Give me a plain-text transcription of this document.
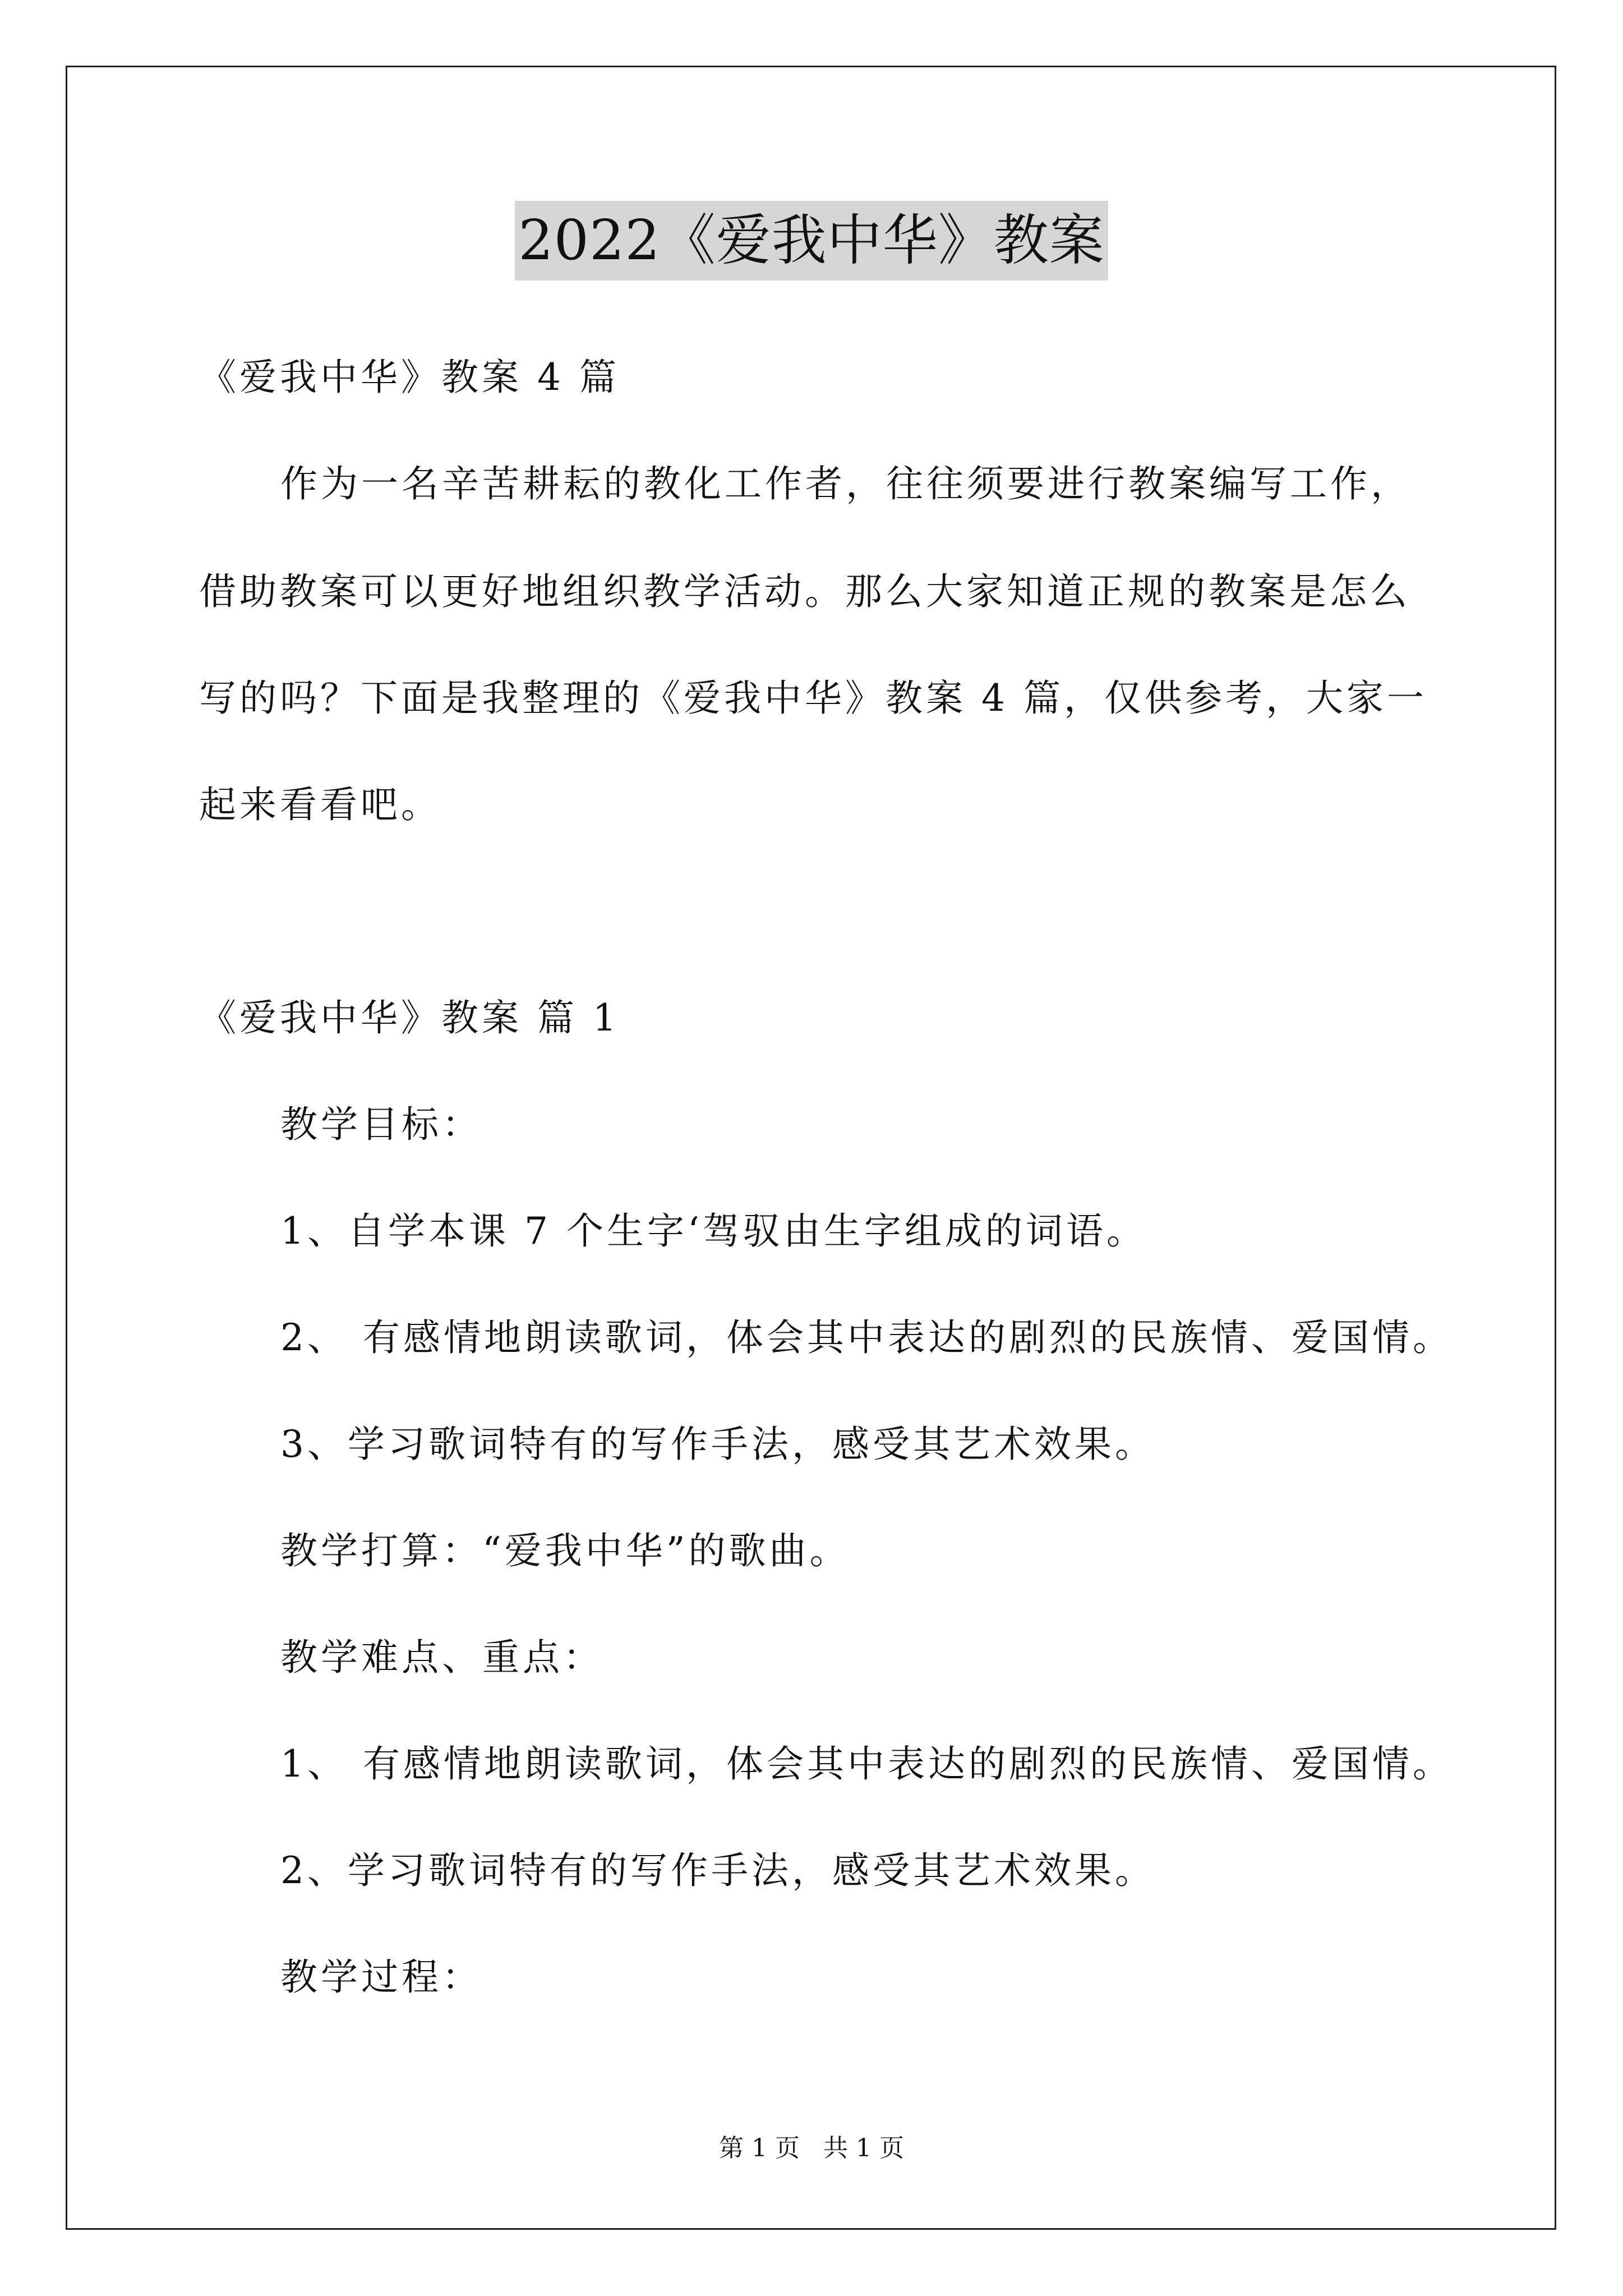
2022《爱我中华》教案
《爱我中华》教案 4 篇
作为一名辛苦耕耘的教化工作者，往往须要进行教案编写工作，
借助教案可以更好地组织教学活动。那么大家知道正规的教案是怎么
写的吗？下面是我整理的《爱我中华》教案 4 篇，仅供参考，大家一
起来看看吧。
《爱我中华》教案 篇 1
教学目标：
1、自学本课 7 个生字‘驾驭由生字组成的词语。
2、 有感情地朗读歌词，体会其中表达的剧烈的民族情、爱国情。
3、学习歌词特有的写作手法，感受其艺术效果。
教学打算：“爱我中华”的歌曲。
教学难点、重点：
1、 有感情地朗读歌词，体会其中表达的剧烈的民族情、爱国情。
2、学习歌词特有的写作手法，感受其艺术效果。
教学过程：
第 1 页   共 1 页
